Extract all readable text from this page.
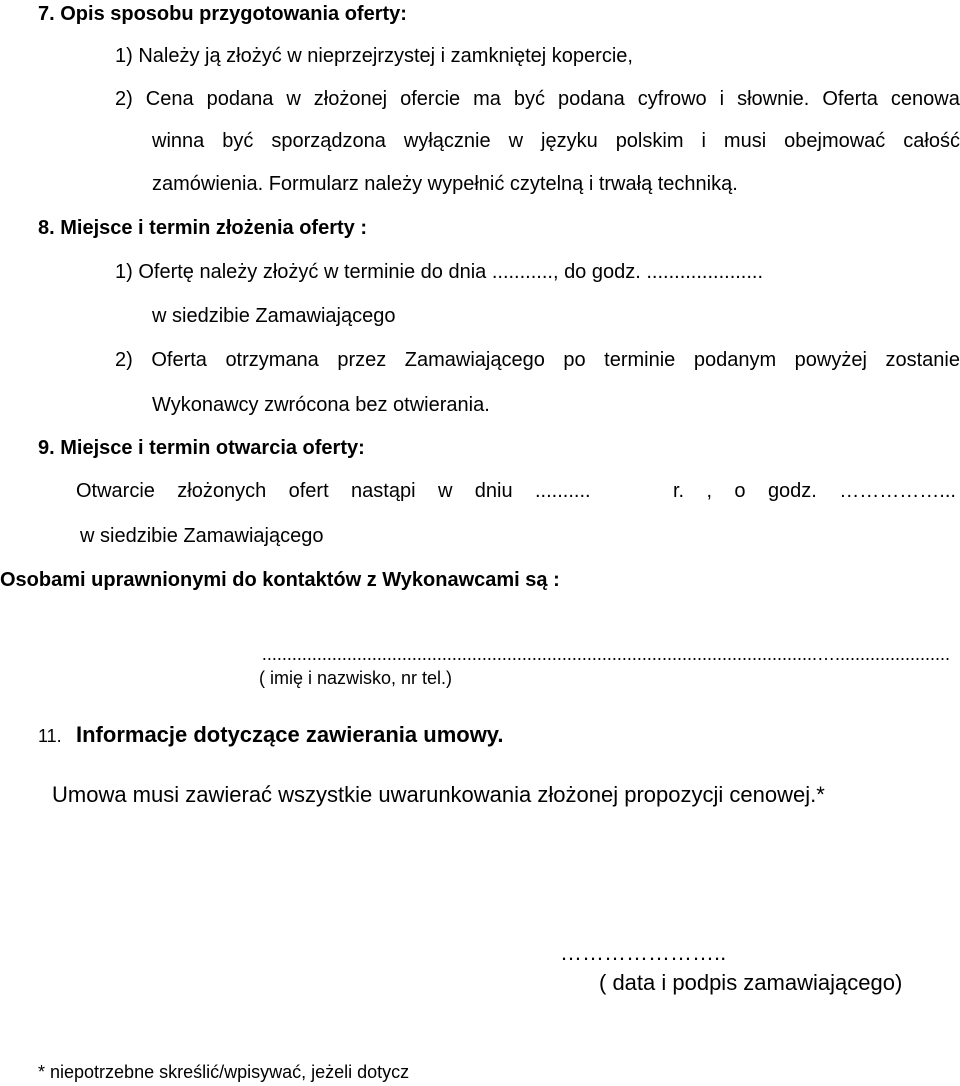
7. Opis sposobu przygotowania oferty:
1) Należy ją złożyć w nieprzejrzystej i zamkniętej kopercie,
2) Cena podana w złożonej ofercie ma być podana cyfrowo i słownie. Oferta cenowa
winna być sporządzona wyłącznie w języku polskim i musi obejmować całość
zamówienia. Formularz należy wypełnić czytelną i trwałą techniką.
8. Miejsce i termin złożenia oferty :
1) Ofertę należy złożyć w terminie do dnia ..........., do godz. .....................
w siedzibie Zamawiającego
2) Oferta otrzymana przez Zamawiającego po terminie podanym powyżej zostanie
Wykonawcy zwrócona bez otwierania.
9. Miejsce i termin otwarcia oferty:
Otwarcie złożonych ofert nastąpi w dniu ..........	r. , o godz. ……………...
w siedzibie Zamawiającego
Osobami uprawnionymi do kontaktów z Wykonawcami są :
...............................................................................................................….......................
( imię i nazwisko, nr tel.)
11. Informacje dotyczące zawierania umowy.
Umowa musi zawierać wszystkie uwarunkowania złożonej propozycji cenowej.*
…………………..
( data i podpis zamawiającego)
* niepotrzebne skreślić/wpisywać, jeżeli dotycz
